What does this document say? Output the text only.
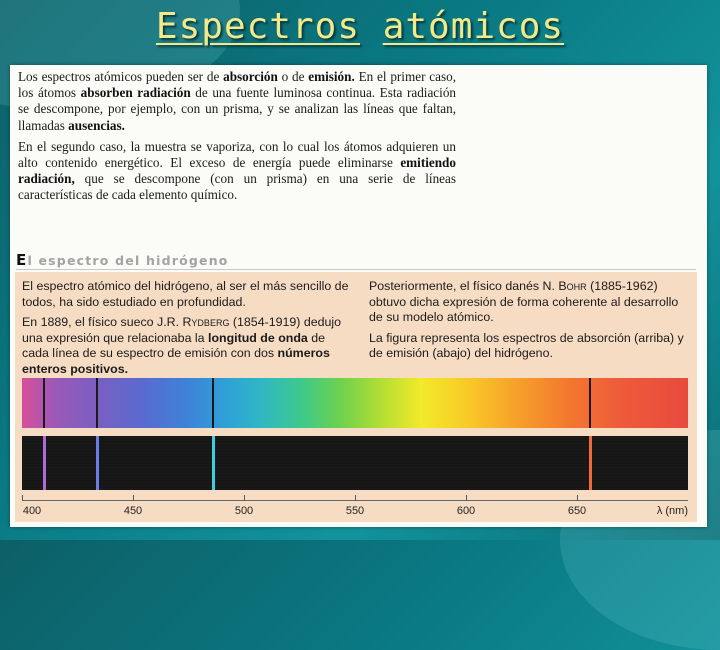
Espectros atómicos

Los espectros atómicos pueden ser de absorción o de emisión. En el primer caso, los átomos absorben radiación de una fuente luminosa continua. Esta radiación se descompone, por ejemplo, con un prisma, y se analizan las líneas que faltan, llamadas ausencias.

En el segundo caso, la muestra se vaporiza, con lo cual los átomos adquieren un alto contenido energético. El exceso de energía puede eliminarse emitiendo radiación, que se descompone (con un prisma) en una serie de líneas características de cada elemento químico.

El espectro del hidrógeno

El espectro atómico del hidrógeno, al ser el más sencillo de todos, ha sido estudiado en profundidad.

En 1889, el físico sueco J.R. Rydberg (1854-1919) dedujo una expresión que relacionaba la longitud de onda de cada línea de su espectro de emisión con dos números enteros positivos.

Posteriormente, el físico danés N. Bohr (1885-1962) obtuvo dicha expresión de forma coherente al desarrollo de su modelo atómico.

La figura representa los espectros de absorción (arriba) y de emisión (abajo) del hidrógeno.

λ (nm)
400	450	500	550	600	650
